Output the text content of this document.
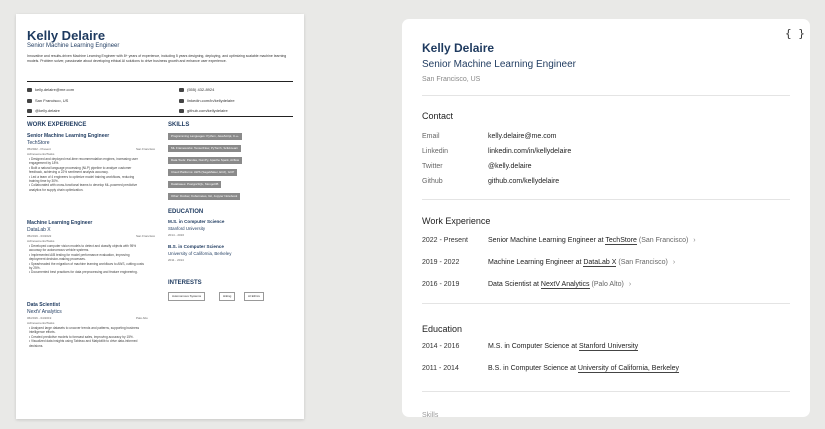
Kelly Delaire
Senior Machine Learning Engineer
Innovative and results-driven Machine Learning Engineer with 8+ years of experience, including 5 years designing, deploying, and optimizing scalable machine learning models. Problem solver, passionate about developing ethical AI solutions to drive business growth and enhance user experience.
kelly.delaire@me.com	(555) 432-8924
San Francisco, US	linkedin.com/in/kellydelaire
@kelly.delaire	github.com/kellydelaire
WORK EXPERIENCE
Senior Machine Learning Engineer
TechStore
05/2022 - Present	San Francisco
Achievements/Tasks
• Designed and deployed real-time recommendation engines, increasing user engagement by 18%.
• Built a natural language processing (NLP) pipeline to analyze customer feedback, achieving a 22% sentiment analysis accuracy.
• Led a team of 4 engineers to optimize model training workflows, reducing training time by 30%.
• Collaborated with cross-functional teams to develop ML-powered predictive analytics for supply chain optimization.
Machine Learning Engineer
DataLab X
05/2019 - 03/2022	San Francisco
Achievements/Tasks
• Developed computer vision models to detect and classify objects with 95% accuracy for autonomous vehicle systems.
• Implemented A/B testing for model performance evaluation, improving deployment decision-making processes.
• Spearheaded the migration of machine learning workflows to AWS, cutting costs by 25%.
• Documented best practices for data preprocessing and feature engineering.
Data Scientist
NextV Analytics
06/2016 - 04/2019	Palo Alto
Achievements/Tasks
• Analyzed large datasets to uncover trends and patterns, supporting business intelligence efforts.
• Created predictive models to forecast sales, improving accuracy by 15%.
• Visualized data insights using Tableau and Matplotlib to drive data-informed decisions.
SKILLS
Programming Languages: Python, JavaScript, C++
ML Frameworks: TensorFlow, PyTorch, Scikit-learn
Data Tools: Pandas, NumPy, Apache Spark, Airflow
Cloud Platforms: AWS (SageMaker, EC2), GCP
Databases: PostgreSQL, MongoDB
Other: Docker, Kubernetes, Git, Jupyter Notebook
EDUCATION
M.S. in Computer Science
Stanford University
2014 - 2016
B.S. in Computer Science
University of California, Berkeley
2011 - 2014
INTERESTS
Autonomous Systems	Hiking	AI Ethics
Kelly Delaire
Senior Machine Learning Engineer
San Francisco, US
Contact
Email	kelly.delaire@me.com
Linkedin	linkedin.com/in/kellydelaire
Twitter	@kelly.delaire
Github	github.com/kellydelaire
Work Experience
2022 - Present	Senior Machine Learning Engineer at TechStore (San Francisco) ›
2019 - 2022	Machine Learning Engineer at DataLab X (San Francisco) ›
2016 - 2019	Data Scientist at NextV Analytics (Palo Alto) ›
Education
2014 - 2016	M.S. in Computer Science at Stanford University
2011 - 2014	B.S. in Computer Science at University of California, Berkeley
Skills
{ }
